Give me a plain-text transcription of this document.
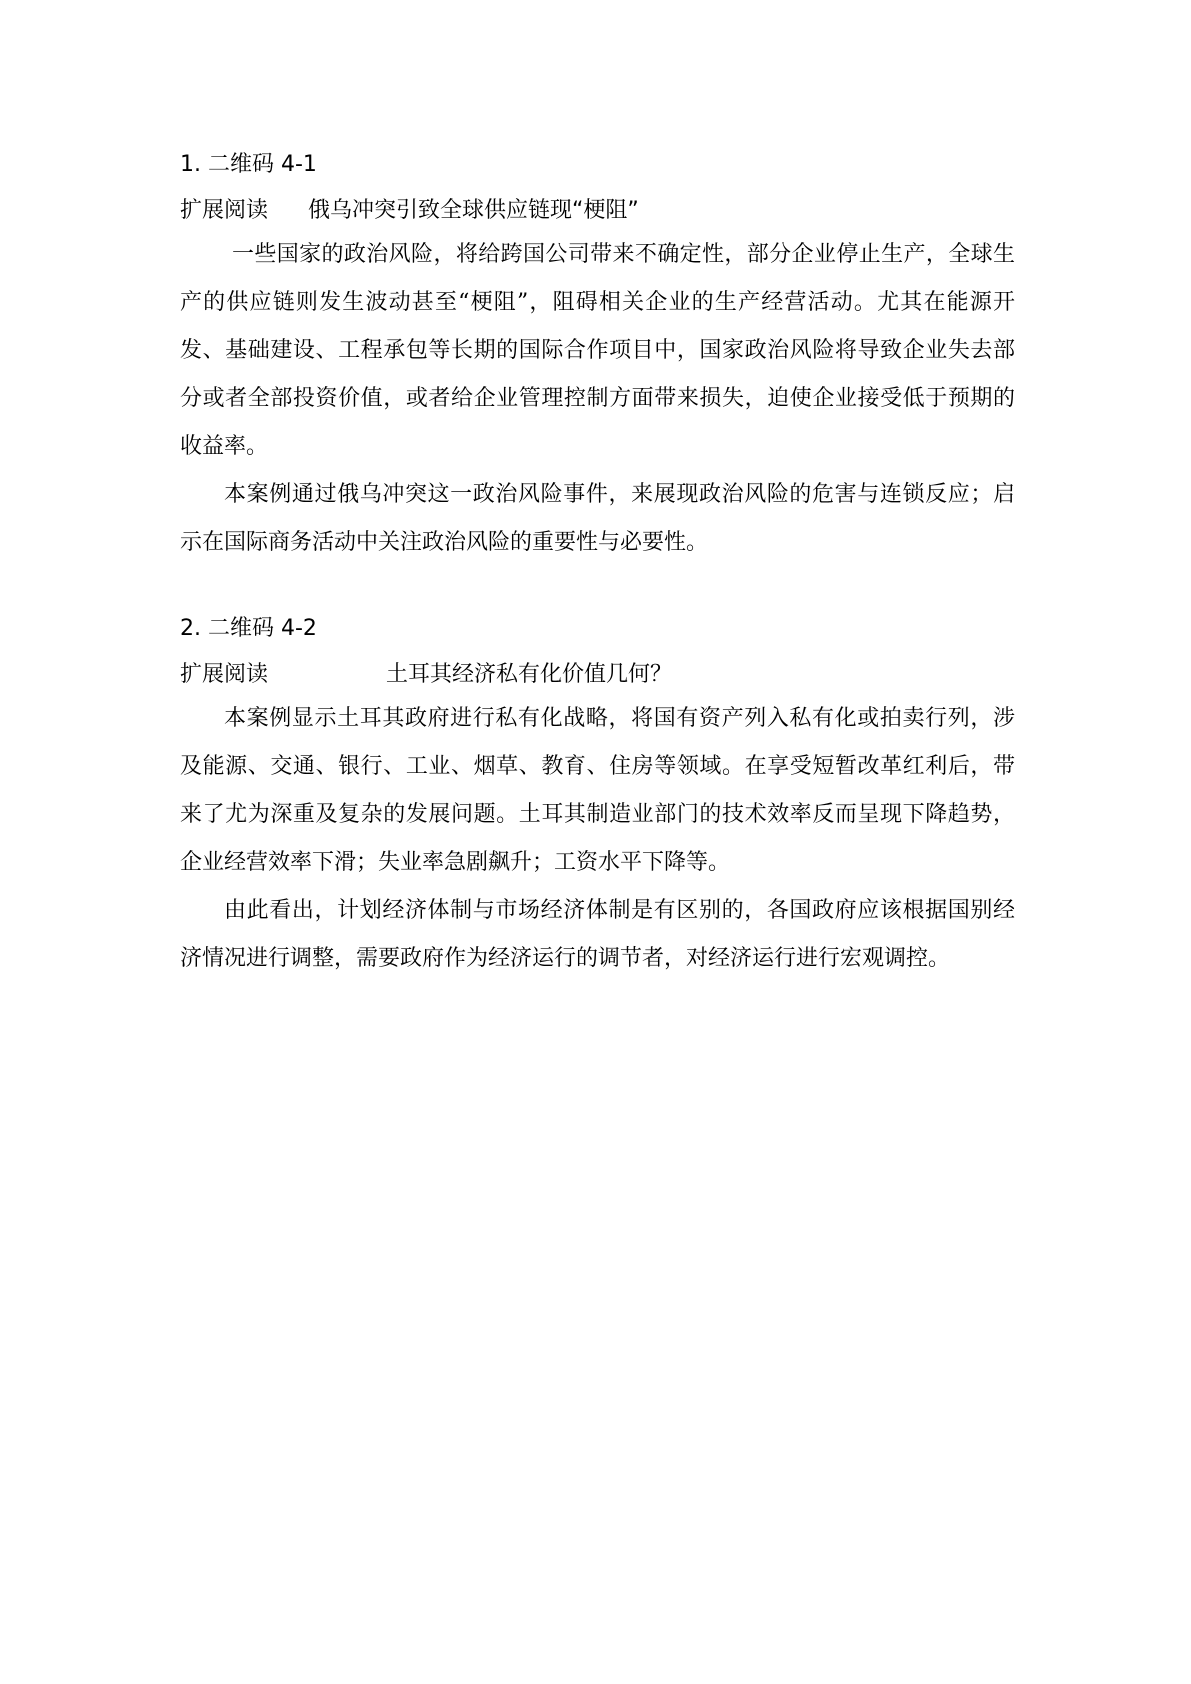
1. 二维码 4-1

扩展阅读 俄乌冲突引致全球供应链现“梗阻”

一些国家的政治风险，将给跨国公司带来不确定性，部分企业停止生产，全球生产的供应链则发生波动甚至“梗阻”，阻碍相关企业的生产经营活动。尤其在能源开发、基础建设、工程承包等长期的国际合作项目中，国家政治风险将导致企业失去部分或者全部投资价值，或者给企业管理控制方面带来损失，迫使企业接受低于预期的收益率。

本案例通过俄乌冲突这一政治风险事件，来展现政治风险的危害与连锁反应；启示在国际商务活动中关注政治风险的重要性与必要性。

2. 二维码 4-2

扩展阅读	土耳其经济私有化价值几何？

本案例显示土耳其政府进行私有化战略，将国有资产列入私有化或拍卖行列，涉及能源、交通、银行、工业、烟草、教育、住房等领域。在享受短暂改革红利后，带来了尤为深重及复杂的发展问题。土耳其制造业部门的技术效率反而呈现下降趋势，企业经营效率下滑；失业率急剧飙升；工资水平下降等。

由此看出，计划经济体制与市场经济体制是有区别的，各国政府应该根据国别经济情况进行调整，需要政府作为经济运行的调节者，对经济运行进行宏观调控。
